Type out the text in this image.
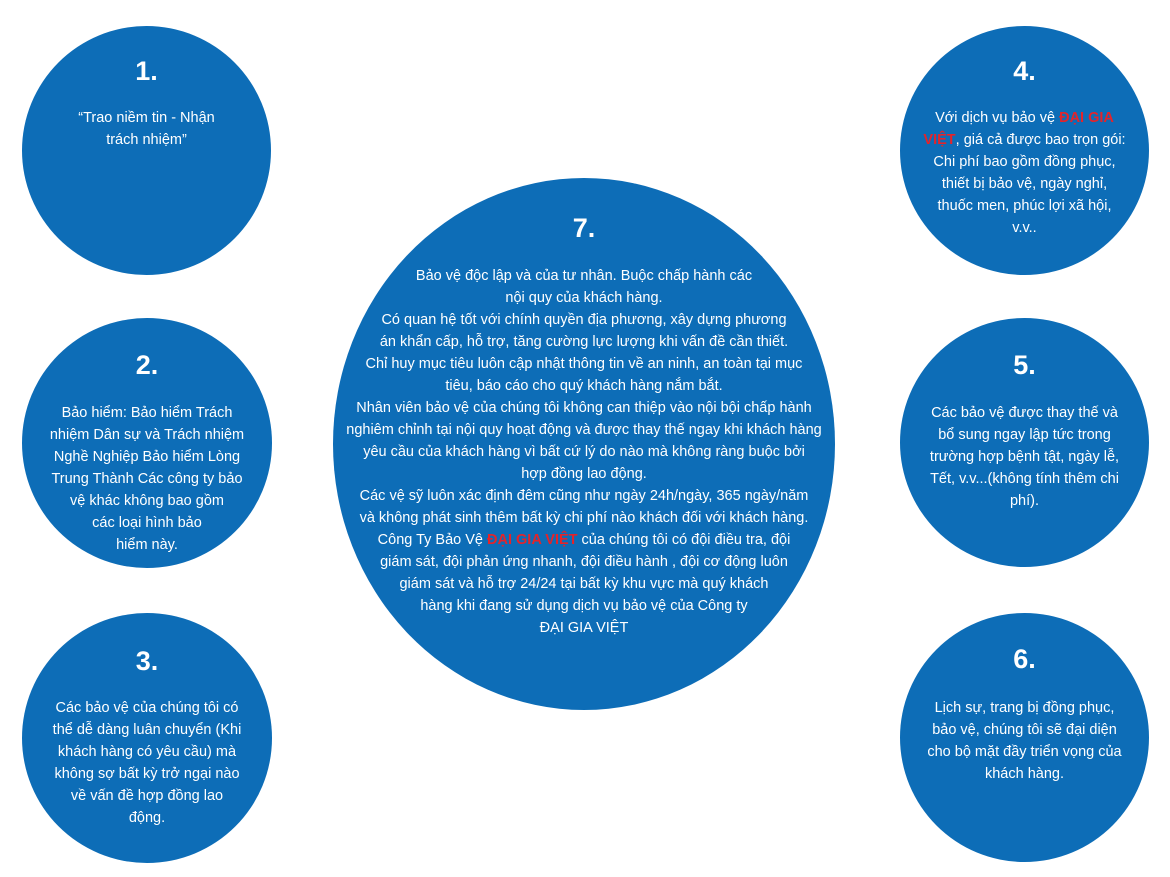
1.
“Trao niềm tin - Nhận
trách nhiệm”
2.
Bảo hiểm: Bảo hiểm Trách
nhiệm Dân sự và Trách nhiệm
Nghề Nghiệp Bảo hiểm Lòng
Trung Thành Các công ty bảo
vệ khác không bao gồm
các loại hình bảo
hiểm này.
3.
Các bảo vệ của chúng tôi có
thể dễ dàng luân chuyển (Khi
khách hàng có yêu cầu) mà
không sợ bất kỳ trở ngại nào
về vấn đề hợp đồng lao
động.
4.
Với dịch vụ bảo vệ ĐẠI GIA
VIỆT, giá cả được bao trọn gói:
Chi phí bao gồm đồng phục,
thiết bị bảo vệ, ngày nghỉ,
thuốc men, phúc lợi xã hội,
v.v..
5.
Các bảo vệ được thay thế và
bổ sung ngay lập tức trong
trường hợp bệnh tật, ngày lễ,
Tết, v.v...(không tính thêm chi
phí).
6.
Lịch sự, trang bị đồng phục,
bảo vệ, chúng tôi sẽ đại diện
cho bộ mặt đầy triển vọng của
khách hàng.
7.
Bảo vệ độc lập và của tư nhân. Buộc chấp hành các
nội quy của khách hàng.
Có quan hệ tốt với chính quyền địa phương, xây dựng phương
án khẩn cấp, hỗ trợ, tăng cường lực lượng khi vấn đề cần thiết.
Chỉ huy mục tiêu luôn cập nhật thông tin về an ninh, an toàn tại mục
tiêu, báo cáo cho quý khách hàng nắm bắt.
Nhân viên bảo vệ của chúng tôi không can thiệp vào nội bội chấp hành
nghiêm chỉnh tại nội quy hoạt động và được thay thế ngay khi khách hàng
yêu cầu của khách hàng vì bất cứ lý do nào mà không ràng buộc bởi
hợp đồng lao động.
Các vệ sỹ luôn xác định đêm cũng như ngày 24h/ngày, 365 ngày/năm
và không phát sinh thêm bất kỳ chi phí nào khách đối với khách hàng.
Công Ty Bảo Vệ ĐẠI GIA VIỆT của chúng tôi có đội điều tra, đội
giám sát, đội phản ứng nhanh, đội điều hành , đội cơ động luôn
giám sát và hỗ trợ 24/24 tại bất kỳ khu vực mà quý khách
hàng khi đang sử dụng dịch vụ bảo vệ của Công ty
ĐẠI GIA VIỆT
